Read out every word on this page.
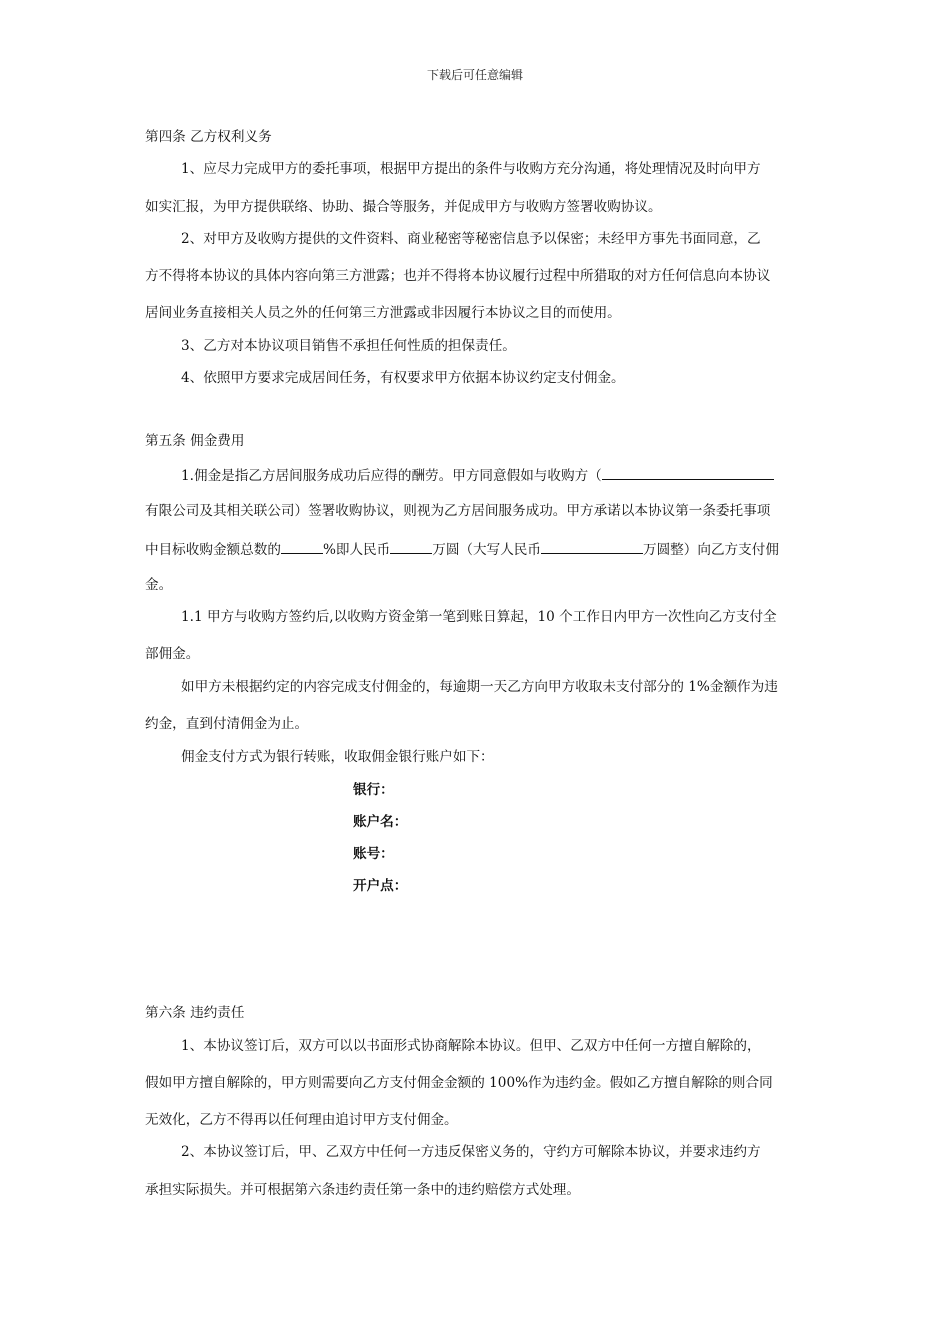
下载后可任意编辑
第四条 乙方权利义务
1、应尽力完成甲方的委托事项，根据甲方提出的条件与收购方充分沟通，将处理情况及时向甲方
如实汇报，为甲方提供联络、协助、撮合等服务，并促成甲方与收购方签署收购协议。
2、对甲方及收购方提供的文件资料、商业秘密等秘密信息予以保密；未经甲方事先书面同意，乙
方不得将本协议的具体内容向第三方泄露；也并不得将本协议履行过程中所猎取的对方任何信息向本协议
居间业务直接相关人员之外的任何第三方泄露或非因履行本协议之目的而使用。
3、乙方对本协议项目销售不承担任何性质的担保责任。
4、依照甲方要求完成居间任务，有权要求甲方依据本协议约定支付佣金。
第五条 佣金费用
1.佣金是指乙方居间服务成功后应得的酬劳。甲方同意假如与收购方（
有限公司及其相关联公司）签署收购协议，则视为乙方居间服务成功。甲方承诺以本协议第一条委托事项
中目标收购金额总数的	%即人民币	万圆（大写人民币	万圆整）向乙方支付佣
金。
1.1 甲方与收购方签约后,以收购方资金第一笔到账日算起，10 个工作日内甲方一次性向乙方支付全
部佣金。
如甲方未根据约定的内容完成支付佣金的，每逾期一天乙方向甲方收取未支付部分的 1%金额作为违
约金，直到付清佣金为止。
佣金支付方式为银行转账，收取佣金银行账户如下：
银行：
账户名：
账号：
开户点：
第六条 违约责任
1、本协议签订后，双方可以以书面形式协商解除本协议。但甲、乙双方中任何一方擅自解除的，
假如甲方擅自解除的，甲方则需要向乙方支付佣金金额的 100%作为违约金。假如乙方擅自解除的则合同
无效化，乙方不得再以任何理由追讨甲方支付佣金。
2、本协议签订后，甲、乙双方中任何一方违反保密义务的，守约方可解除本协议，并要求违约方
承担实际损失。并可根据第六条违约责任第一条中的违约赔偿方式处理。
